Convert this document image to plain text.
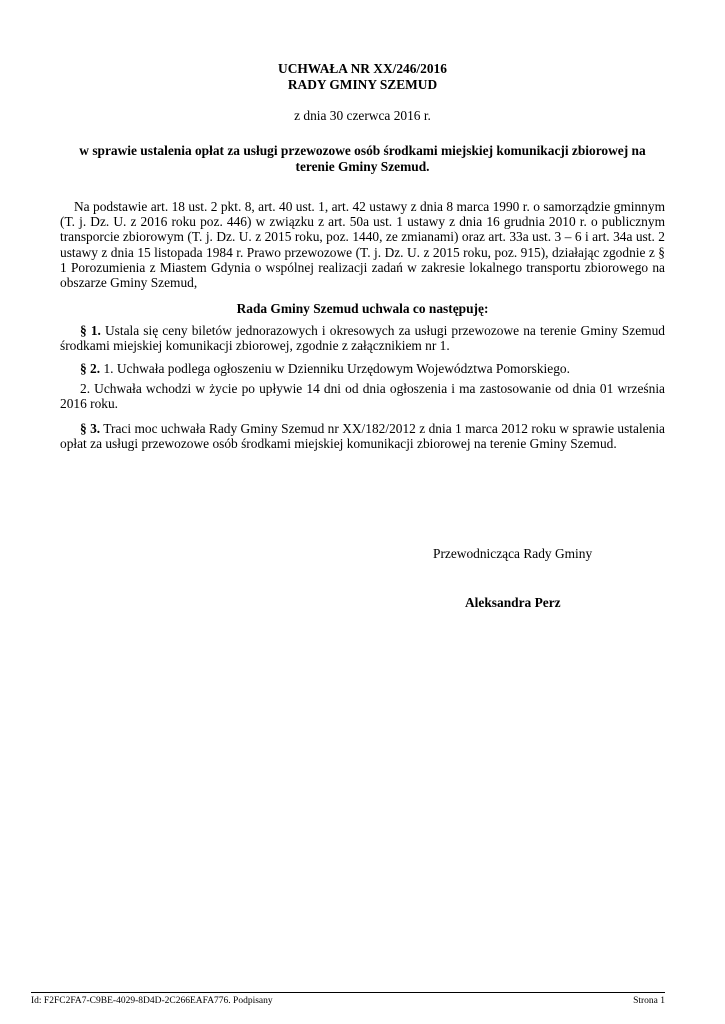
UCHWAŁA NR XX/246/2016
RADY GMINY SZEMUD
z dnia 30 czerwca 2016 r.
w sprawie ustalenia opłat za usługi przewozowe osób środkami miejskiej komunikacji zbiorowej na terenie Gminy Szemud.
Na podstawie art. 18 ust. 2 pkt. 8, art. 40 ust. 1, art. 42 ustawy z dnia 8 marca 1990 r. o samorządzie gminnym (T. j. Dz. U. z 2016 roku poz. 446) w związku z art. 50a ust. 1 ustawy z dnia 16 grudnia 2010 r. o publicznym transporcie zbiorowym (T. j. Dz. U. z 2015 roku, poz. 1440, ze zmianami) oraz art. 33a ust. 3 – 6 i art. 34a ust. 2 ustawy z dnia 15 listopada 1984 r. Prawo przewozowe (T. j. Dz. U. z 2015 roku, poz. 915), działając zgodnie z § 1 Porozumienia z Miastem Gdynia o wspólnej realizacji zadań w zakresie lokalnego transportu zbiorowego na obszarze Gminy Szemud,
Rada Gminy Szemud uchwala co następuję:
§ 1. Ustala się ceny biletów jednorazowych i okresowych za usługi przewozowe na terenie Gminy Szemud środkami miejskiej komunikacji zbiorowej, zgodnie z załącznikiem nr 1.
§ 2. 1. Uchwała podlega ogłoszeniu w Dzienniku Urzędowym Województwa Pomorskiego.
2. Uchwała wchodzi w życie po upływie 14 dni od dnia ogłoszenia i ma zastosowanie od dnia 01 września 2016 roku.
§ 3. Traci moc uchwała Rady Gminy Szemud nr XX/182/2012 z dnia 1 marca 2012 roku w sprawie ustalenia opłat za usługi przewozowe osób środkami miejskiej komunikacji zbiorowej na terenie Gminy Szemud.
Przewodnicząca Rady Gminy
Aleksandra Perz
Id: F2FC2FA7-C9BE-4029-8D4D-2C266EAFA776. Podpisany	Strona 1
